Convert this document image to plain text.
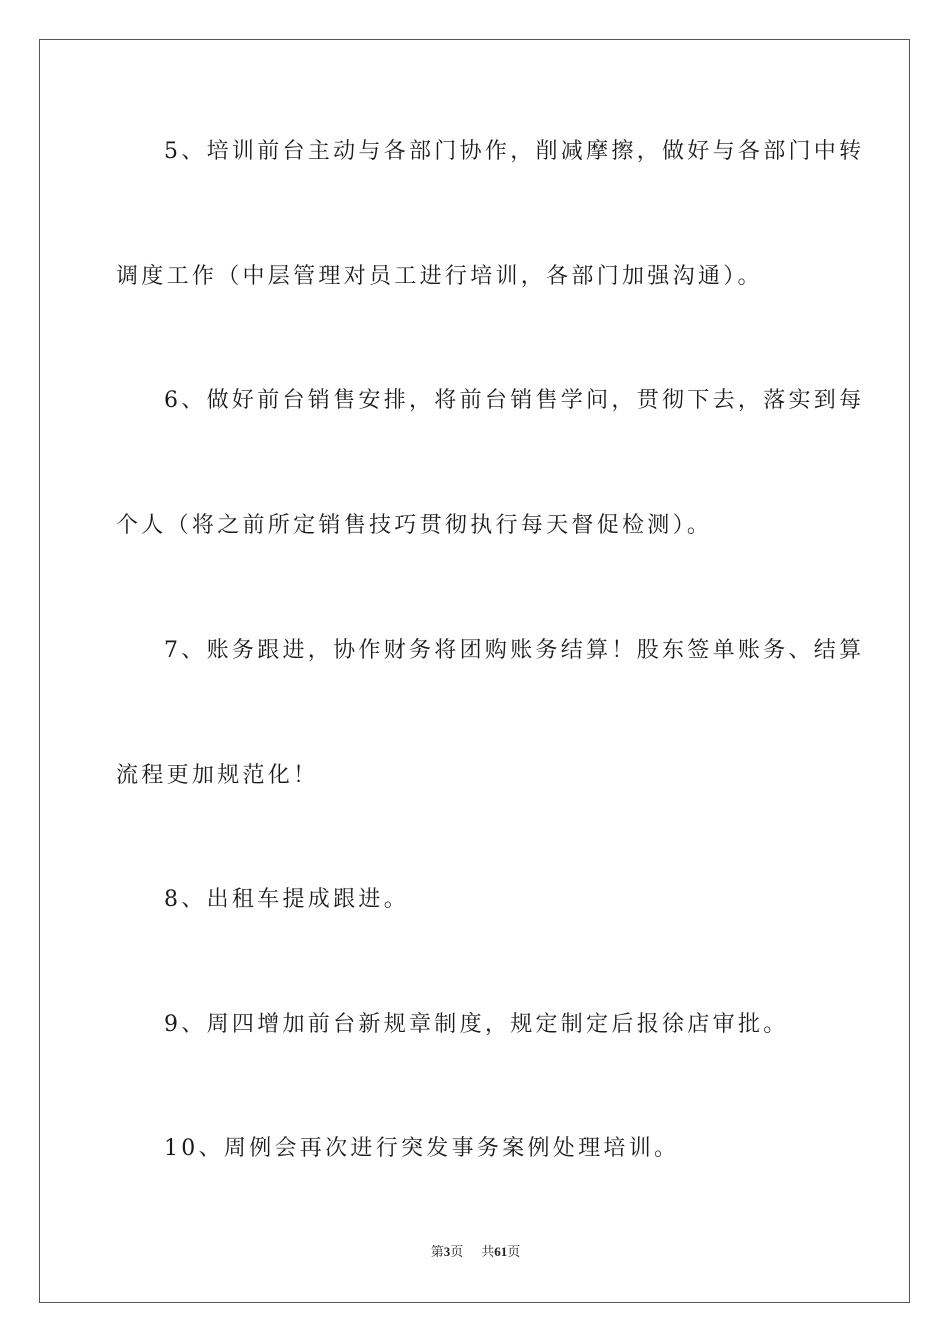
5、培训前台主动与各部门协作，削减摩擦，做好与各部门中转
调度工作（中层管理对员工进行培训，各部门加强沟通）。
6、做好前台销售安排，将前台销售学问，贯彻下去，落实到每
个人（将之前所定销售技巧贯彻执行每天督促检测）。
7、账务跟进，协作财务将团购账务结算！股东签单账务、结算
流程更加规范化！
8、出租车提成跟进。
9、周四增加前台新规章制度，规定制定后报徐店审批。
10、周例会再次进行突发事务案例处理培训。
第3页 共61页
